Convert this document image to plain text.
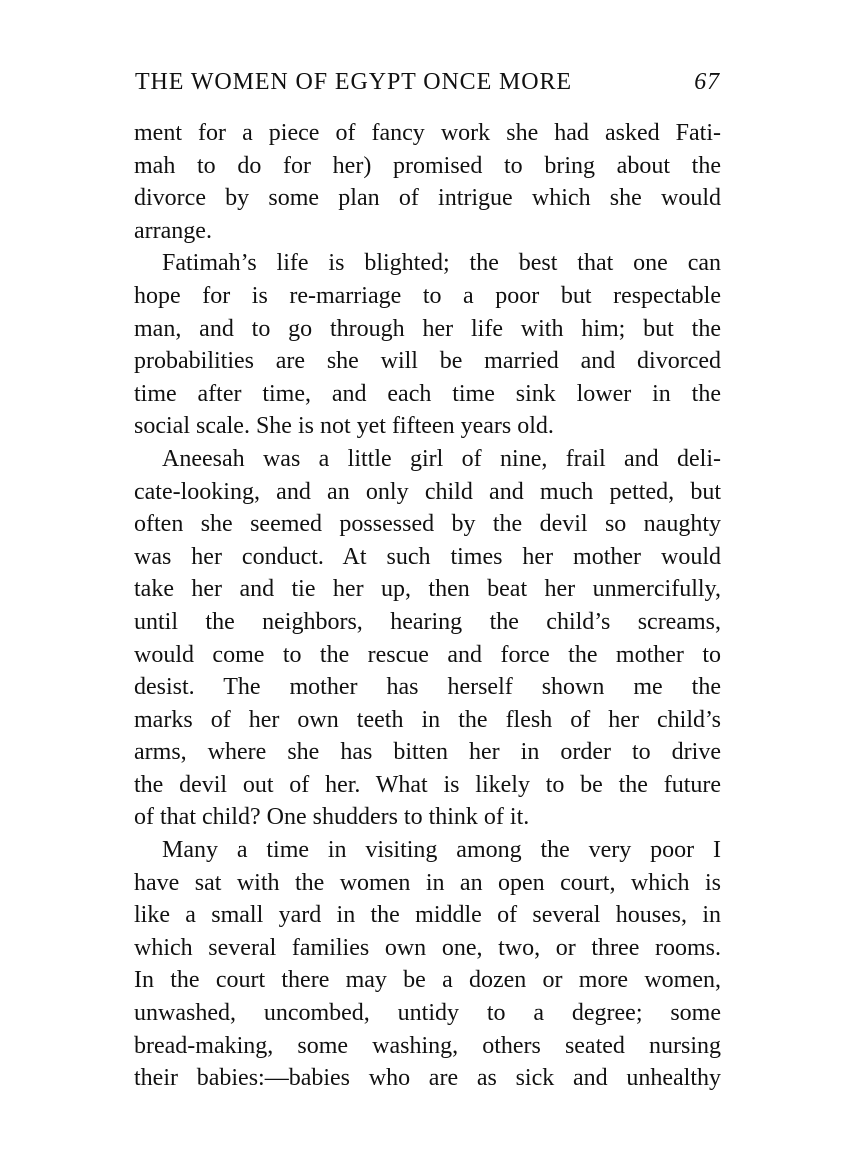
THE WOMEN OF EGYPT ONCE MORE	67

ment for a piece of fancy work she had asked Fati-
mah to do for her) promised to bring about the
divorce by some plan of intrigue which she would
arrange.

Fatimah’s life is blighted; the best that one can
hope for is re-marriage to a poor but respectable
man, and to go through her life with him; but the
probabilities are she will be married and divorced
time after time, and each time sink lower in the
social scale. She is not yet fifteen years old.

Aneesah was a little girl of nine, frail and deli-
cate-looking, and an only child and much petted, but
often she seemed possessed by the devil so naughty
was her conduct. At such times her mother would
take her and tie her up, then beat her unmercifully,
until the neighbors, hearing the child’s screams,
would come to the rescue and force the mother to
desist. The mother has herself shown me the
marks of her own teeth in the flesh of her child’s
arms, where she has bitten her in order to drive
the devil out of her. What is likely to be the future
of that child? One shudders to think of it.

Many a time in visiting among the very poor I
have sat with the women in an open court, which is
like a small yard in the middle of several houses, in
which several families own one, two, or three rooms.
In the court there may be a dozen or more women,
unwashed, uncombed, untidy to a degree; some
bread-making, some washing, others seated nursing
their babies:—babies who are as sick and unhealthy
